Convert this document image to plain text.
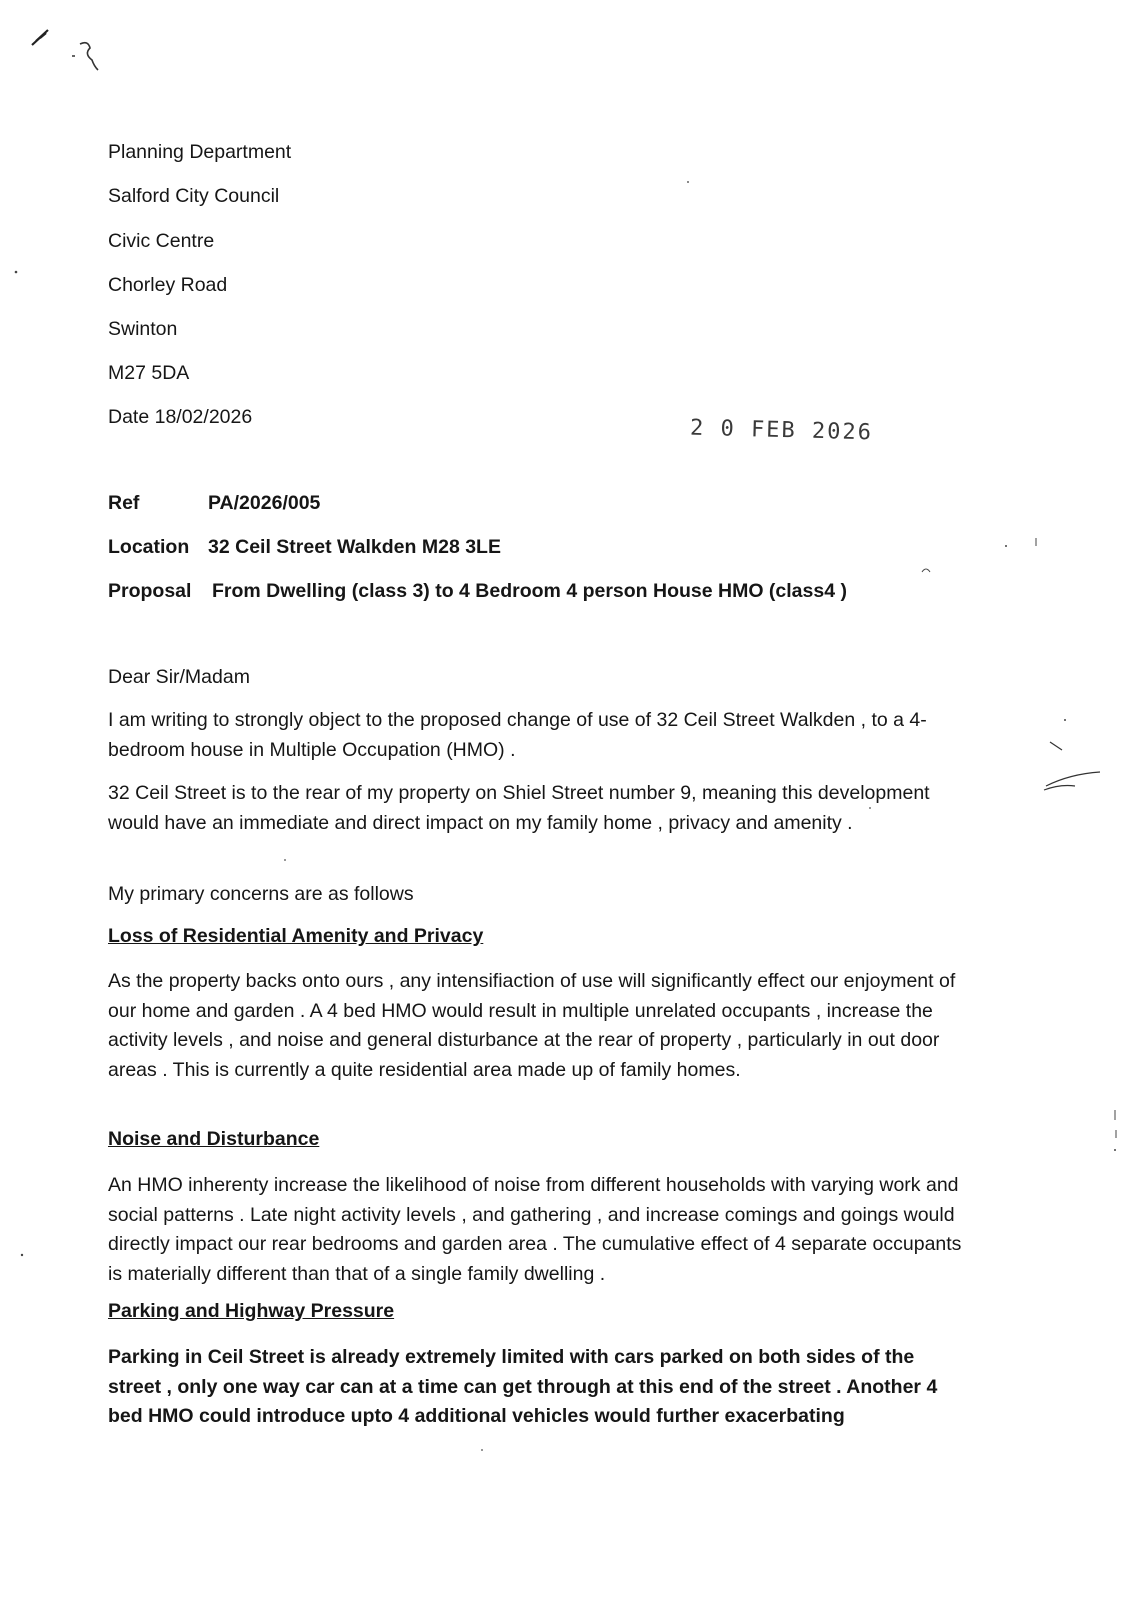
Planning Department
Salford City Council
Civic Centre
Chorley Road
Swinton
M27 5DA
Date 18/02/2026	2 0 FEB 2026
Ref	PA/2026/005
Location 32 Ceil Street Walkden M28 3LE
Proposal From Dwelling (class 3) to 4 Bedroom 4 person House HMO (class4 )

Dear Sir/Madam

I am writing to strongly object to the proposed change of use of 32 Ceil Street Walkden , to a 4-bedroom house in Multiple Occupation (HMO) .

32 Ceil Street is to the rear of my property on Shiel Street number 9, meaning this development would have an immediate and direct impact on my family home , privacy and amenity .

My primary concerns are as follows

Loss of Residential Amenity and Privacy

As the property backs onto ours , any intensifiaction of use will significantly effect our enjoyment of our home and garden . A 4 bed HMO would result in multiple unrelated occupants , increase the activity levels , and noise and general disturbance at the rear of property , particularly in out door areas . This is currently a quite residential area made up of family homes.

Noise and Disturbance

An HMO inherenty increase the likelihood of noise from different households with varying work and social patterns . Late night activity levels , and gathering , and increase comings and goings would directly impact our rear bedrooms and garden area . The cumulative effect of 4 separate occupants is materially different than that of a single family dwelling .

Parking and Highway Pressure

Parking in Ceil Street is already extremely limited with cars parked on both sides of the street , only one way car can at a time can get through at this end of the street . Another 4 bed HMO could introduce upto 4 additional vehicles would further exacerbating
